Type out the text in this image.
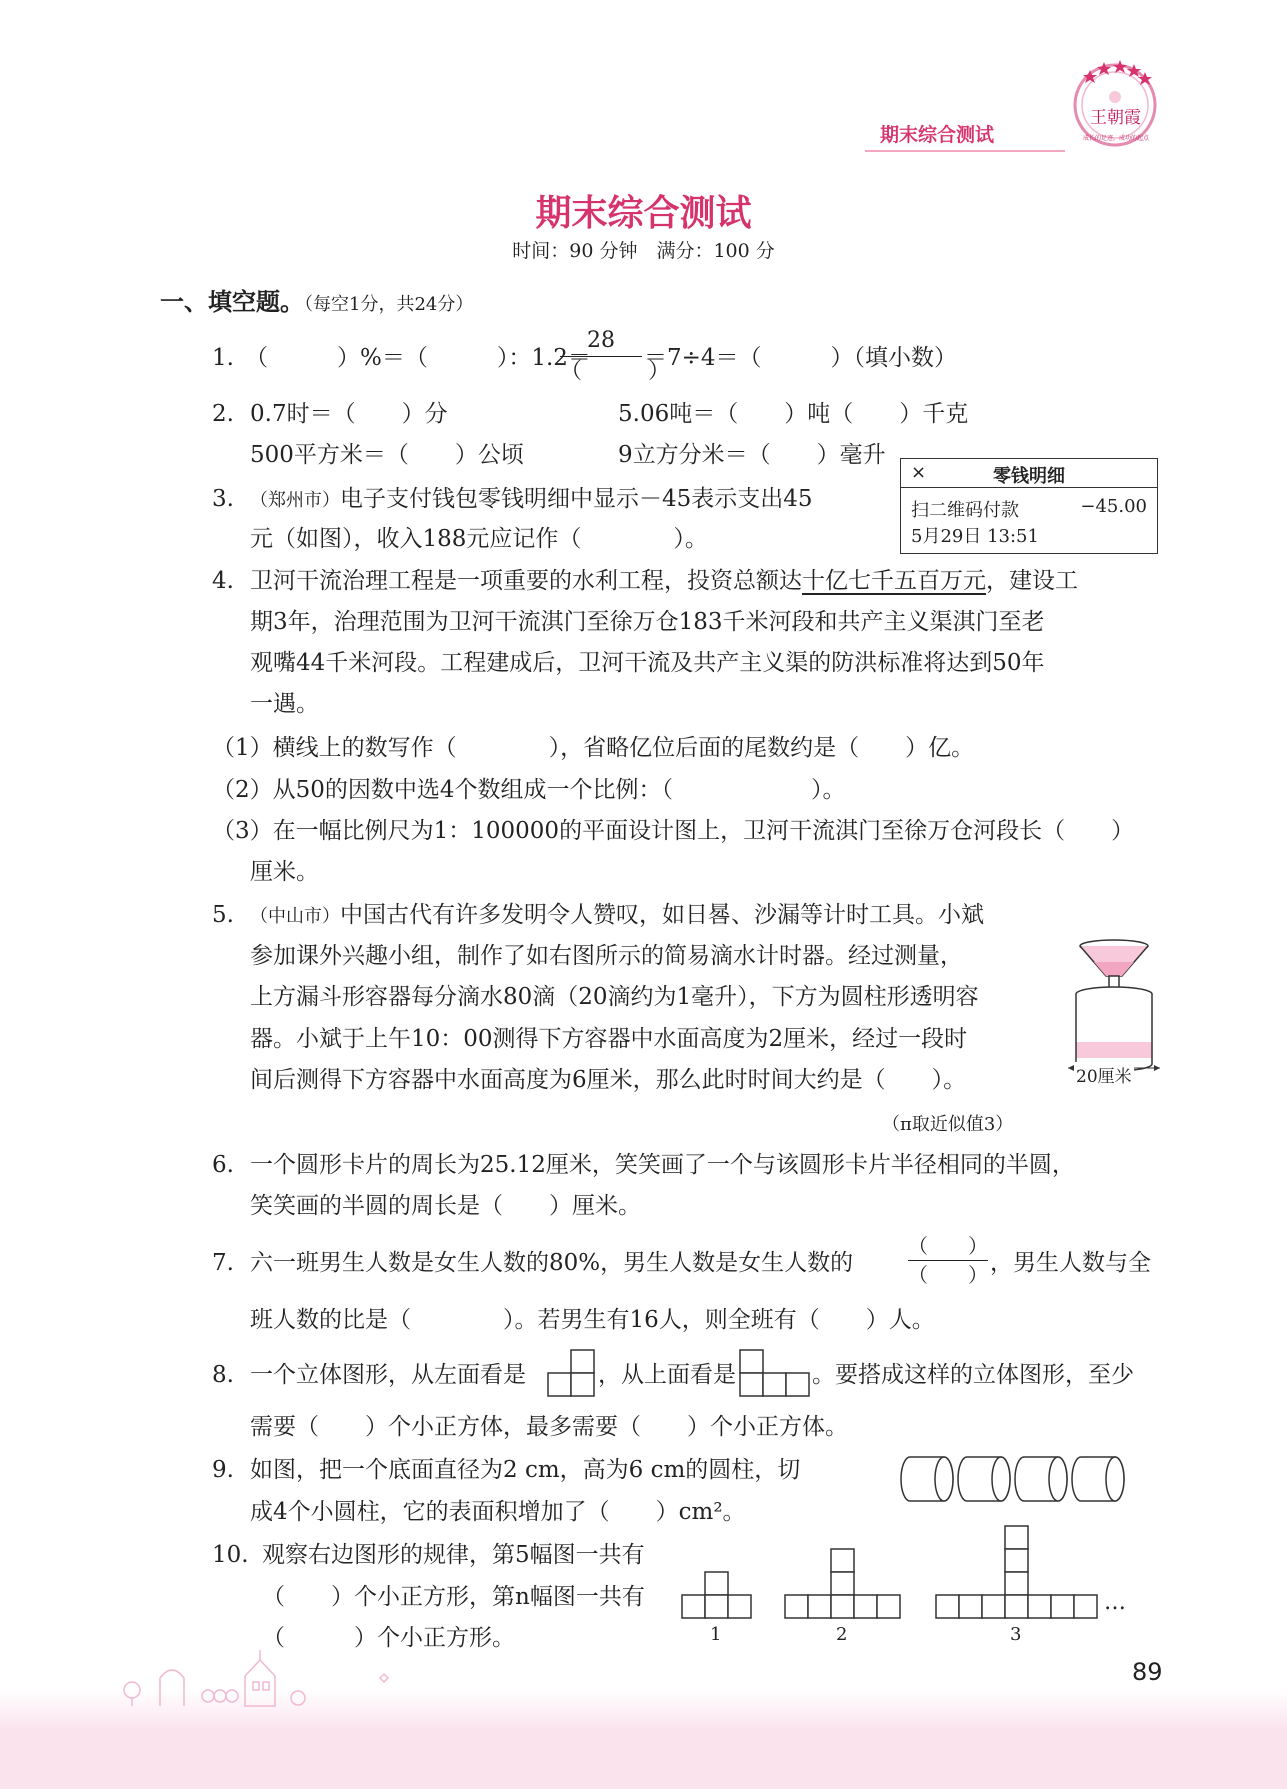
王朝霞
成长的足迹，成功的起点
期末综合测试
期末综合测试
时间：90 分钟　满分：100 分
一、填空题。（每空1分，共24分）
1. （　　　）%＝（　　　）：1.2＝
28
（　　　）
＝7÷4＝（　　　）（填小数）
2. 0.7时＝（　　）分	5.06吨＝（　　）吨（　　）千克
500平方米＝（　　）公顷	9立方分米＝（　　）毫升
3. （郑州市）电子支付钱包零钱明细中显示－45表示支出45
元（如图），收入188元应记作（　　　　）。
×	零钱明细
扫二维码付款	−45.00
5月29日 13:51
4. 卫河干流治理工程是一项重要的水利工程，投资总额达十亿七千五百万元，建设工
期3年，治理范围为卫河干流淇门至徐万仓183千米河段和共产主义渠淇门至老
观嘴44千米河段。工程建成后，卫河干流及共产主义渠的防洪标准将达到50年
一遇。
（1）横线上的数写作（　　　　），省略亿位后面的尾数约是（　　）亿。
（2）从50的因数中选4个数组成一个比例：（　　　　　　）。
（3）在一幅比例尺为1：100000的平面设计图上，卫河干流淇门至徐万仓河段长（　　）
厘米。
5. （中山市）中国古代有许多发明令人赞叹，如日晷、沙漏等计时工具。小斌
参加课外兴趣小组，制作了如右图所示的简易滴水计时器。经过测量，
上方漏斗形容器每分滴水80滴（20滴约为1毫升），下方为圆柱形透明容
器。小斌于上午10：00测得下方容器中水面高度为2厘米，经过一段时
间后测得下方容器中水面高度为6厘米，那么此时时间大约是（　　）。
（π取近似值3）
20厘米
6. 一个圆形卡片的周长为25.12厘米，笑笑画了一个与该圆形卡片半径相同的半圆，
笑笑画的半圆的周长是（　　）厘米。
7. 六一班男生人数是女生人数的80%，男生人数是女生人数的
（　　）
（　　） ，男生人数与全
班人数的比是（　　　　）。若男生有16人，则全班有（　　）人。
8. 一个立体图形，从左面看是	，从上面看是	。要搭成这样的立体图形，至少
需要（　　）个小正方体，最多需要（　　）个小正方体。
9. 如图，把一个底面直径为2 cm，高为6 cm的圆柱，切
成4个小圆柱，它的表面积增加了（　　）cm²。
10. 观察右边图形的规律，第5幅图一共有
（　　）个小正方形，第n幅图一共有
（　　　）个小正方形。	1	2	3
…
89
